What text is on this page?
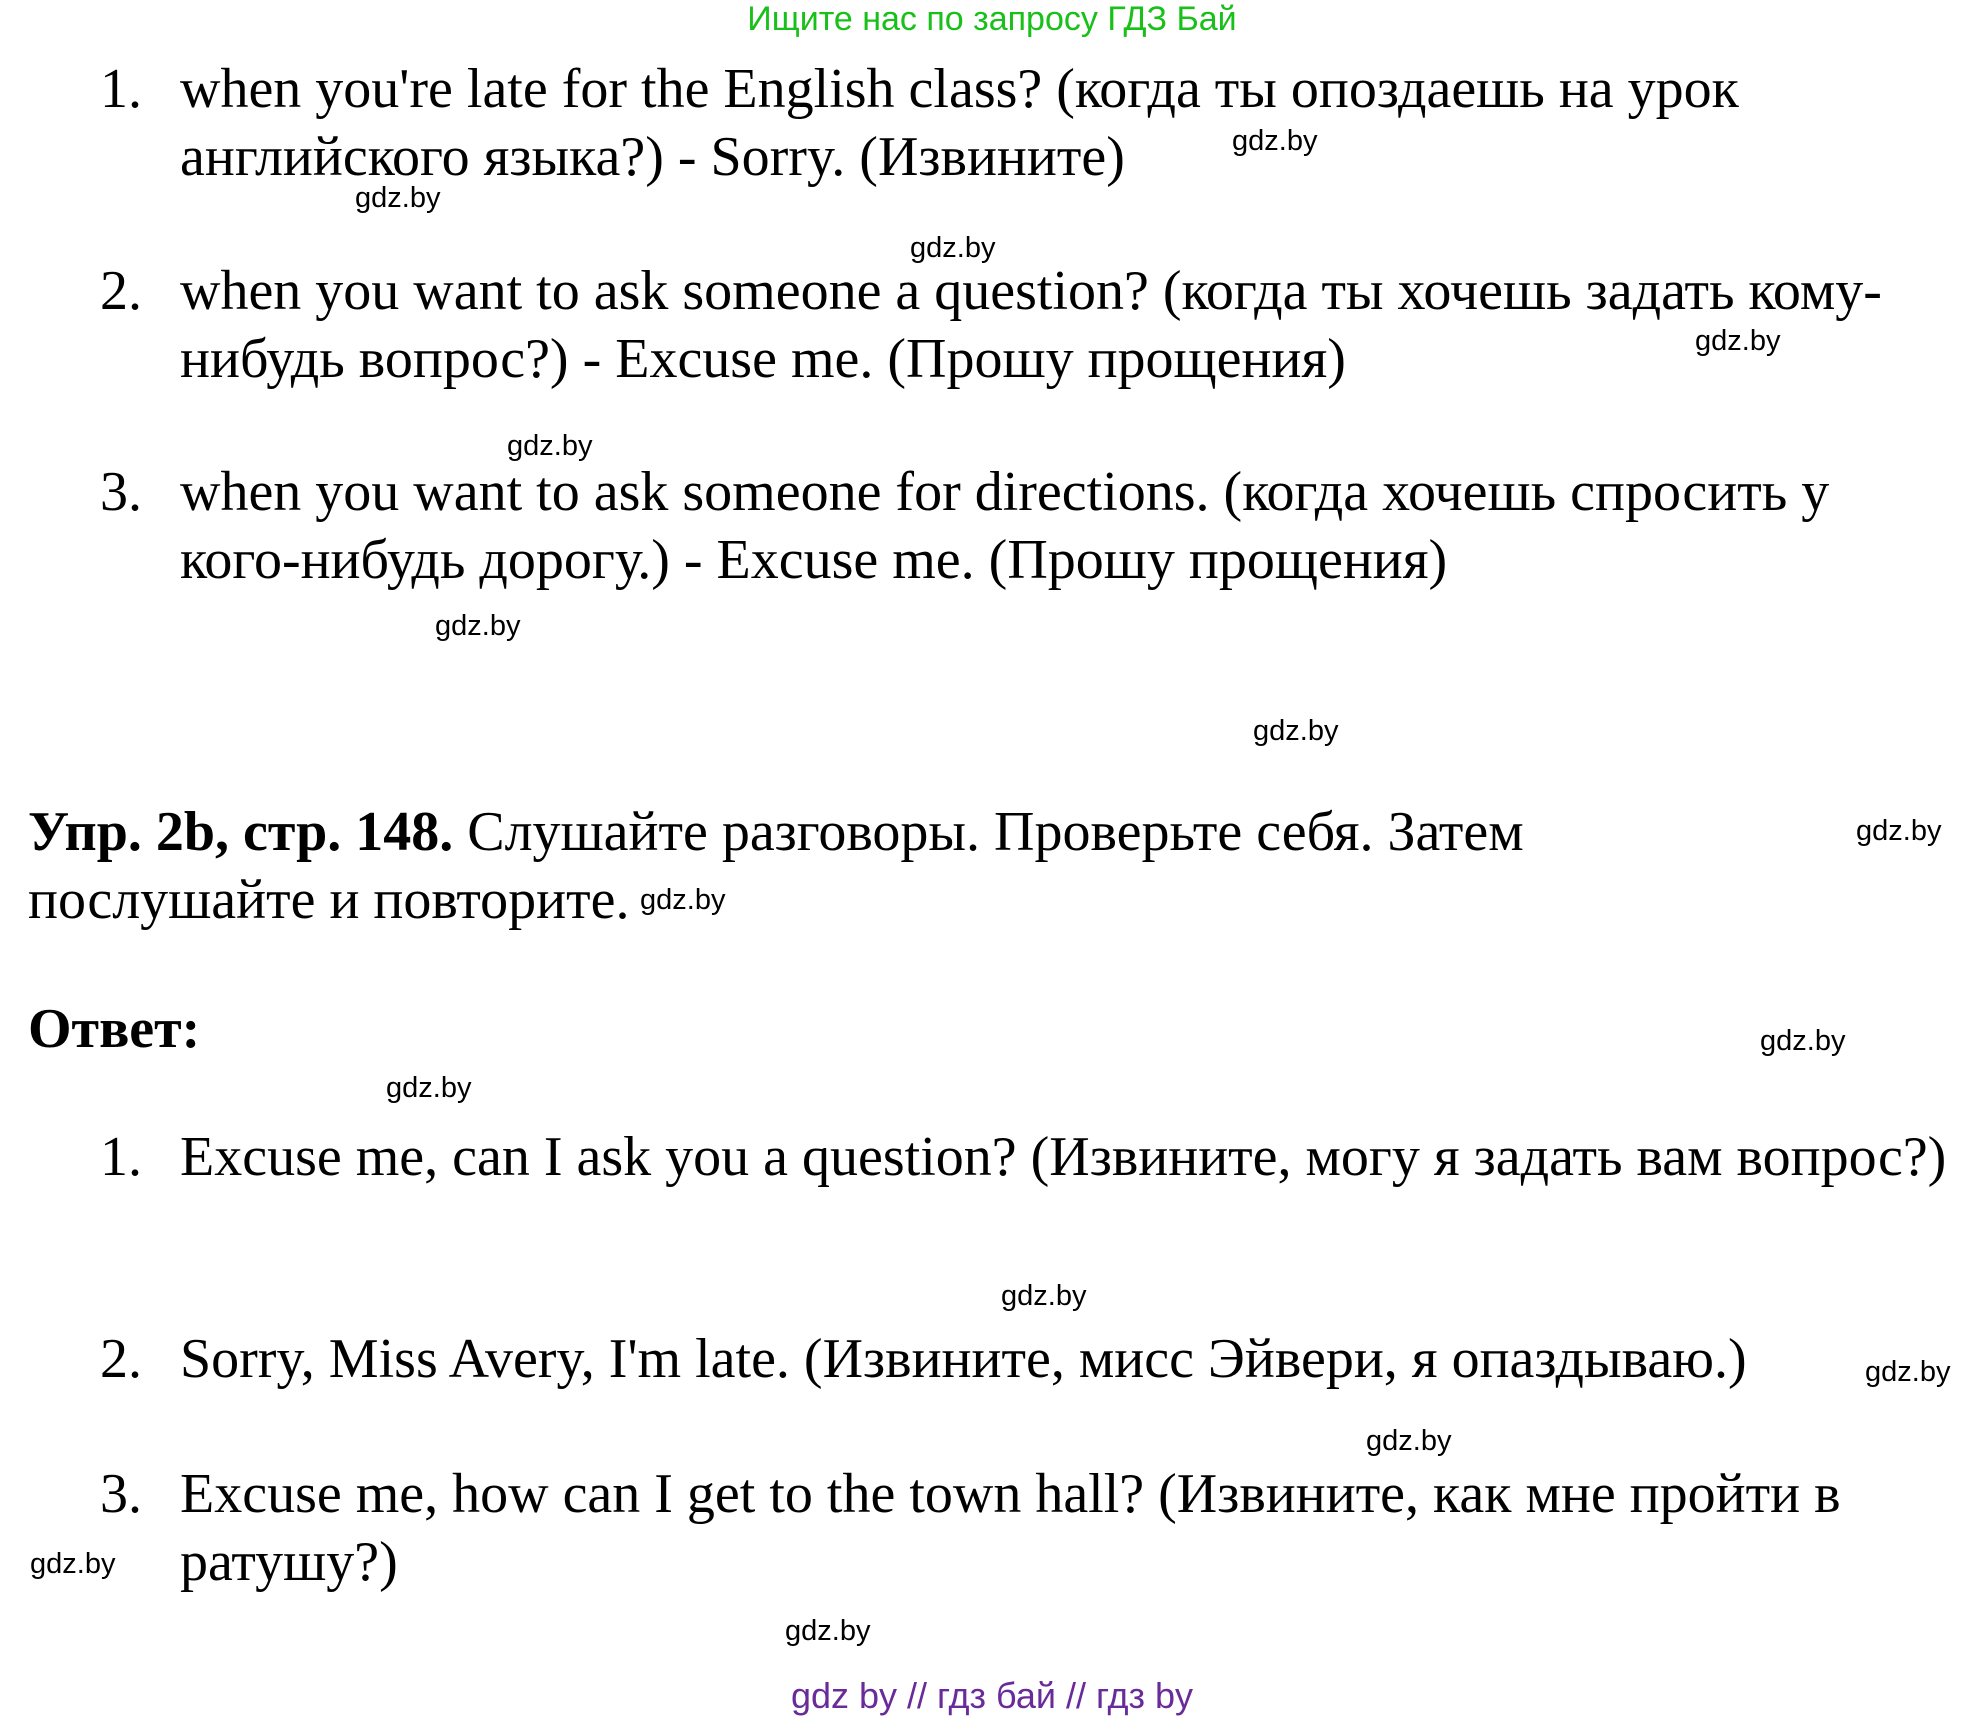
Ищите нас по запросу ГДЗ Бай
1. when you're late for the English class? (когда ты опоздаешь на урок английского языка?) - Sorry. (Извините)
2. when you want to ask someone a question? (когда ты хочешь задать кому-нибудь вопрос?) - Excuse me. (Прошу прощения)
3. when you want to ask someone for directions. (когда хочешь спросить у кого-нибудь дорогу.) - Excuse me. (Прошу прощения)
Упр. 2b, стр. 148. Слушайте разговоры. Проверьте себя. Затем послушайте и повторите.
Ответ:
1. Excuse me, can I ask you a question? (Извините, могу я задать вам вопрос?)
2. Sorry, Miss Avery, I'm late. (Извините, мисс Эйвери, я опаздываю.)
3. Excuse me, how can I get to the town hall? (Извините, как мне пройти в ратушу?)
gdz.by
gdz.by
gdz.by
gdz.by
gdz.by
gdz.by
gdz.by
gdz.by
gdz.by
gdz.by
gdz.by
gdz.by
gdz.by
gdz.by
gdz.by
gdz.by
gdz by // гдз бай // гдз by
